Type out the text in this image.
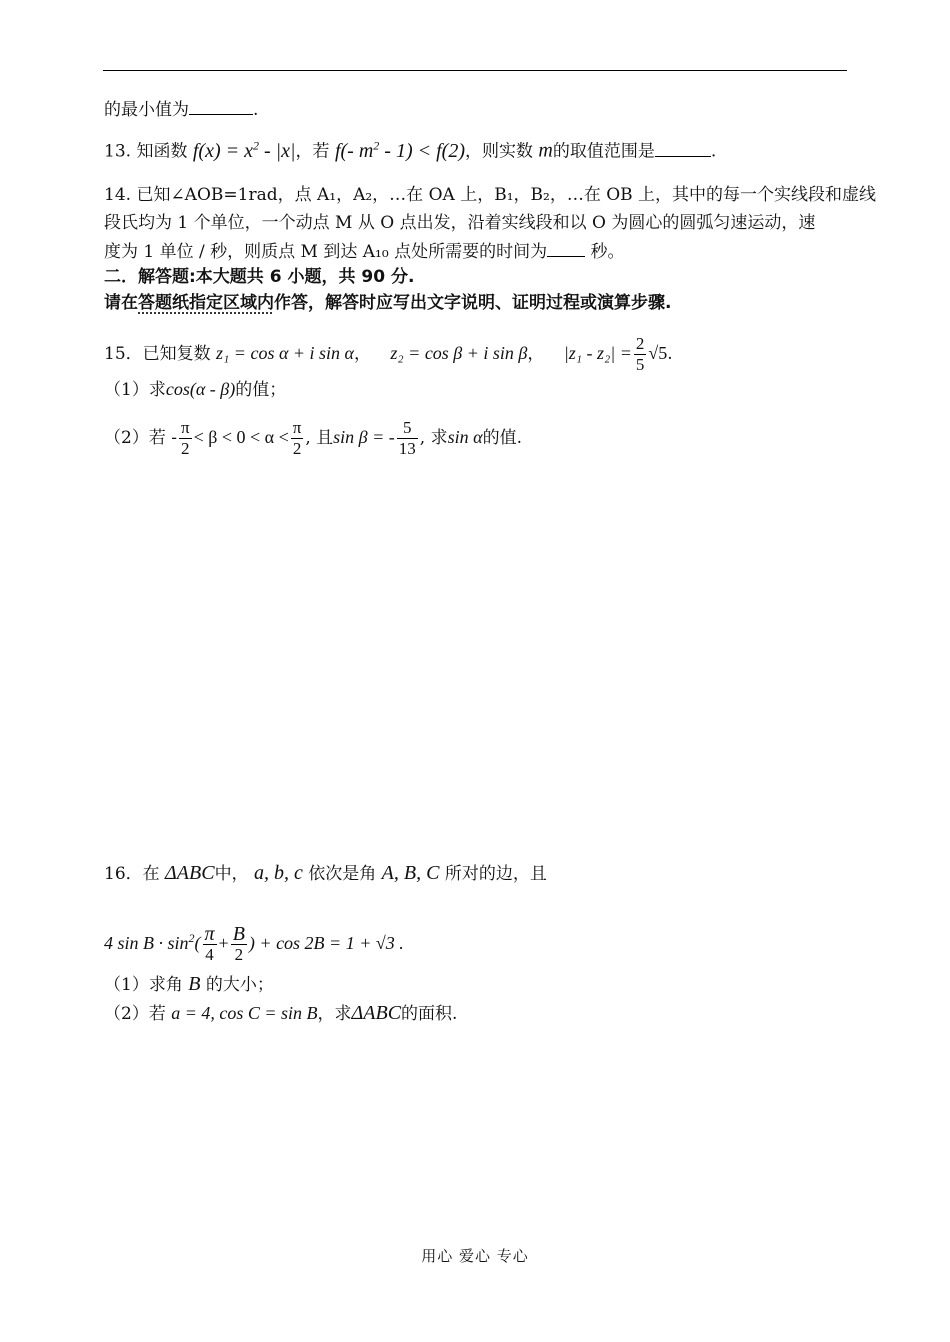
的最小值为	.
13. 知函数 $f(x) = x^2 - |x|$，若 f(- $m^2 - 1) < f(2)$，则实数 m的取值范围是	.
14. 已知∠AOB=1rad，点 A₁，A₂，…在 OA 上，B₁，B₂，…在 OB 上，其中的每一个实线段和虚线
段氏均为 1 个单位，一个动点 M 从 O 点出发，沿着实线段和以 O 为圆心的圆弧匀速运动，速
度为 1 单位 / 秒，则质点 M 到达 A₁₀ 点处所需要的时间为 秒。
二．解答题:本大题共 6 小题，共 90 分.
请在答题纸指定区域内作答，解答时应写出文字说明、证明过程或演算步骤.
15．已知复数 z₁ = cos α + i sin α， z₂ = cos β + i sin β， $|z_1 - z_2| = \frac{2}{5} √5$.
（1）求cos(α - β)的值；
（2）若 - $\frac{\pi}{2} < \beta < 0 < \alpha < \frac{\pi}{2}$ , 且sin β = - $\frac{5}{13}$ , 求sin α的值.
16．在 ΔABC中， a, b, c 依次是角 A, B, C 所对的边，且
4 $\sin B \cdot \sin^2( \frac{\pi}{4} + \frac{B}{2}$ ) + cos 2B = 1 + √3 .
（1）求角 B 的大小；
（2）若 a = 4, cos C = sin B，求ΔABC的面积.
用心 爱心 专心
